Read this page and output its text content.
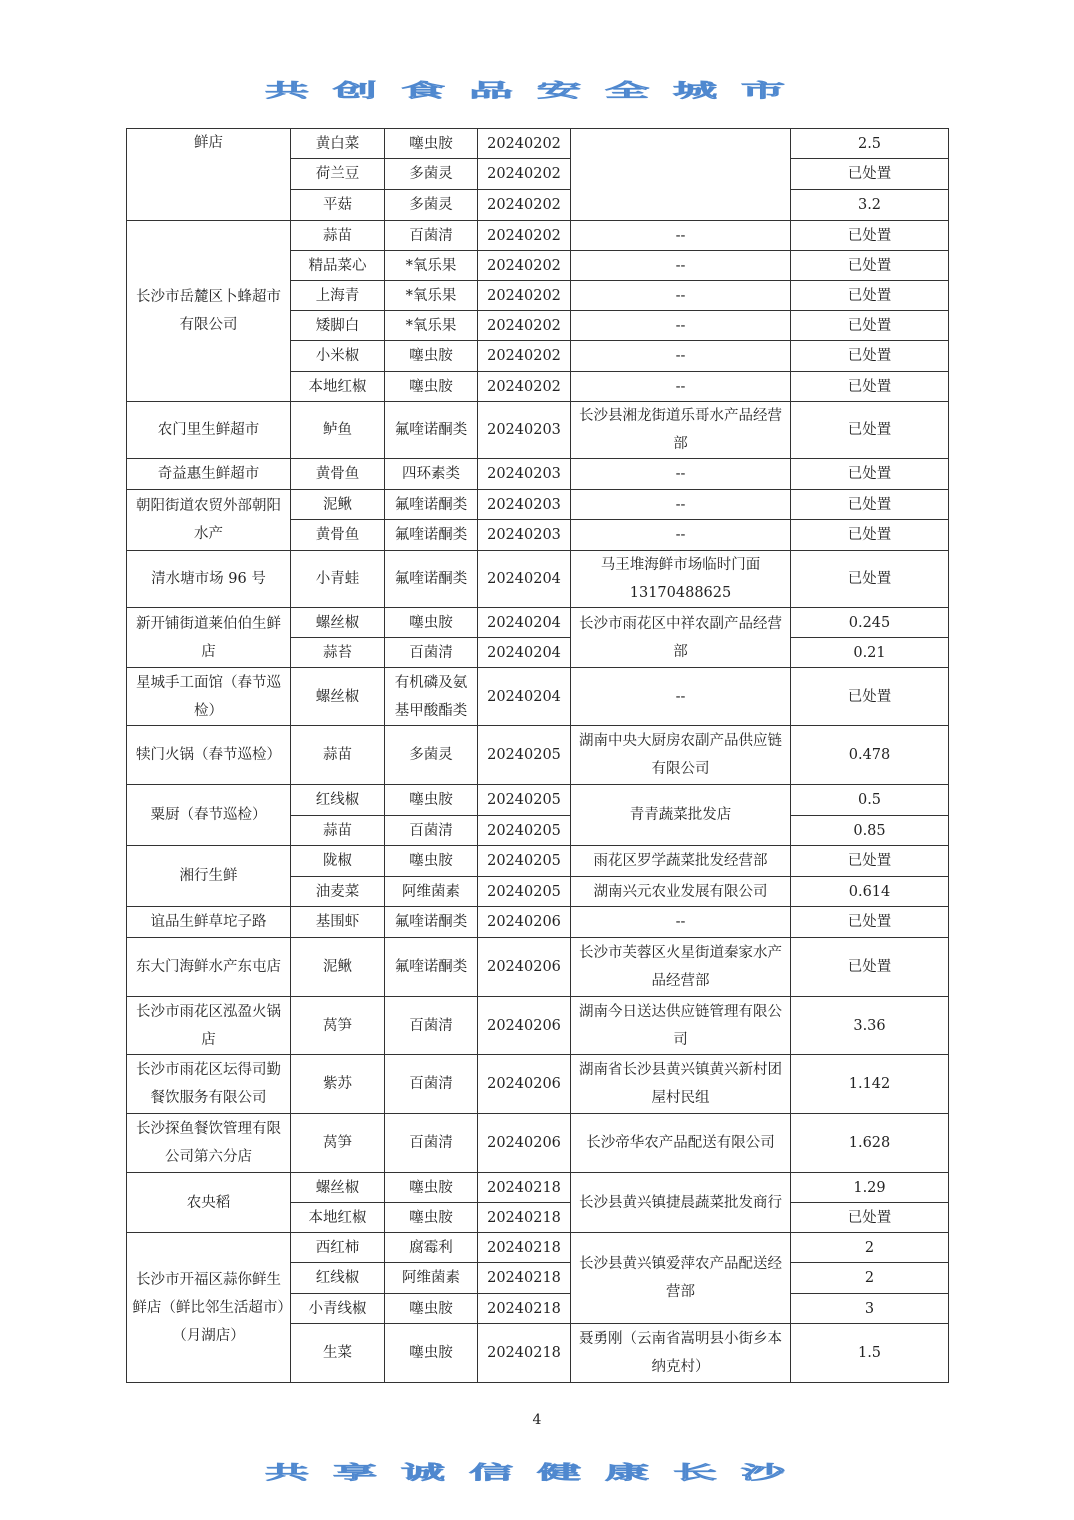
共创食品安全城市
鲜店	黄白菜	噻虫胺	20240202		2.5
	荷兰豆	多菌灵	20240202		已处置
	平菇	多菌灵	20240202		3.2
长沙市岳麓区卜蜂超市有限公司	蒜苗	百菌清	20240202	--	已处置
	精品菜心	*氧乐果	20240202	--	已处置
	上海青	*氧乐果	20240202	--	已处置
	矮脚白	*氧乐果	20240202	--	已处置
	小米椒	噻虫胺	20240202	--	已处置
	本地红椒	噻虫胺	20240202	--	已处置
农门里生鲜超市	鲈鱼	氟喹诺酮类	20240203	长沙县湘龙街道乐哥水产品经营部	已处置
奇益惠生鲜超市	黄骨鱼	四环素类	20240203	--	已处置
朝阳街道农贸外部朝阳水产	泥鳅	氟喹诺酮类	20240203	--	已处置
	黄骨鱼	氟喹诺酮类	20240203	--	已处置
清水塘市场 96 号	小青蛙	氟喹诺酮类	20240204	马王堆海鲜市场临时门面 13170488625	已处置
新开铺街道莱伯伯生鲜店	螺丝椒	噻虫胺	20240204	长沙市雨花区中祥农副产品经营部	0.245
	蒜苔	百菌清	20240204		0.21
星城手工面馆（春节巡检）	螺丝椒	有机磷及氨基甲酸酯类	20240204	--	已处置
犊门火锅（春节巡检）	蒜苗	多菌灵	20240205	湖南中央大厨房农副产品供应链有限公司	0.478
粟厨（春节巡检）	红线椒	噻虫胺	20240205	青青蔬菜批发店	0.5
	蒜苗	百菌清	20240205		0.85
湘行生鲜	陇椒	噻虫胺	20240205	雨花区罗学蔬菜批发经营部	已处置
	油麦菜	阿维菌素	20240205	湖南兴元农业发展有限公司	0.614
谊品生鲜草坨子路	基围虾	氟喹诺酮类	20240206	--	已处置
东大门海鲜水产东屯店	泥鳅	氟喹诺酮类	20240206	长沙市芙蓉区火星街道秦家水产品经营部	已处置
长沙市雨花区泓盈火锅店	莴笋	百菌清	20240206	湖南今日送达供应链管理有限公司	3.36
长沙市雨花区坛得司勤餐饮服务有限公司	紫苏	百菌清	20240206	湖南省长沙县黄兴镇黄兴新村团屋村民组	1.142
长沙探鱼餐饮管理有限公司第六分店	莴笋	百菌清	20240206	长沙帝华农产品配送有限公司	1.628
农央稻	螺丝椒	噻虫胺	20240218	长沙县黄兴镇捷晨蔬菜批发商行	1.29
	本地红椒	噻虫胺	20240218		已处置
长沙市开福区蒜你鲜生鲜店（鲜比邻生活超市）（月湖店）	西红柿	腐霉利	20240218	长沙县黄兴镇爱萍农产品配送经营部	2
	红线椒	阿维菌素	20240218		2
	小青线椒	噻虫胺	20240218		3
	生菜	噻虫胺	20240218	聂勇刚（云南省嵩明县小街乡本纳克村）	1.5
4
共享诚信健康长沙
